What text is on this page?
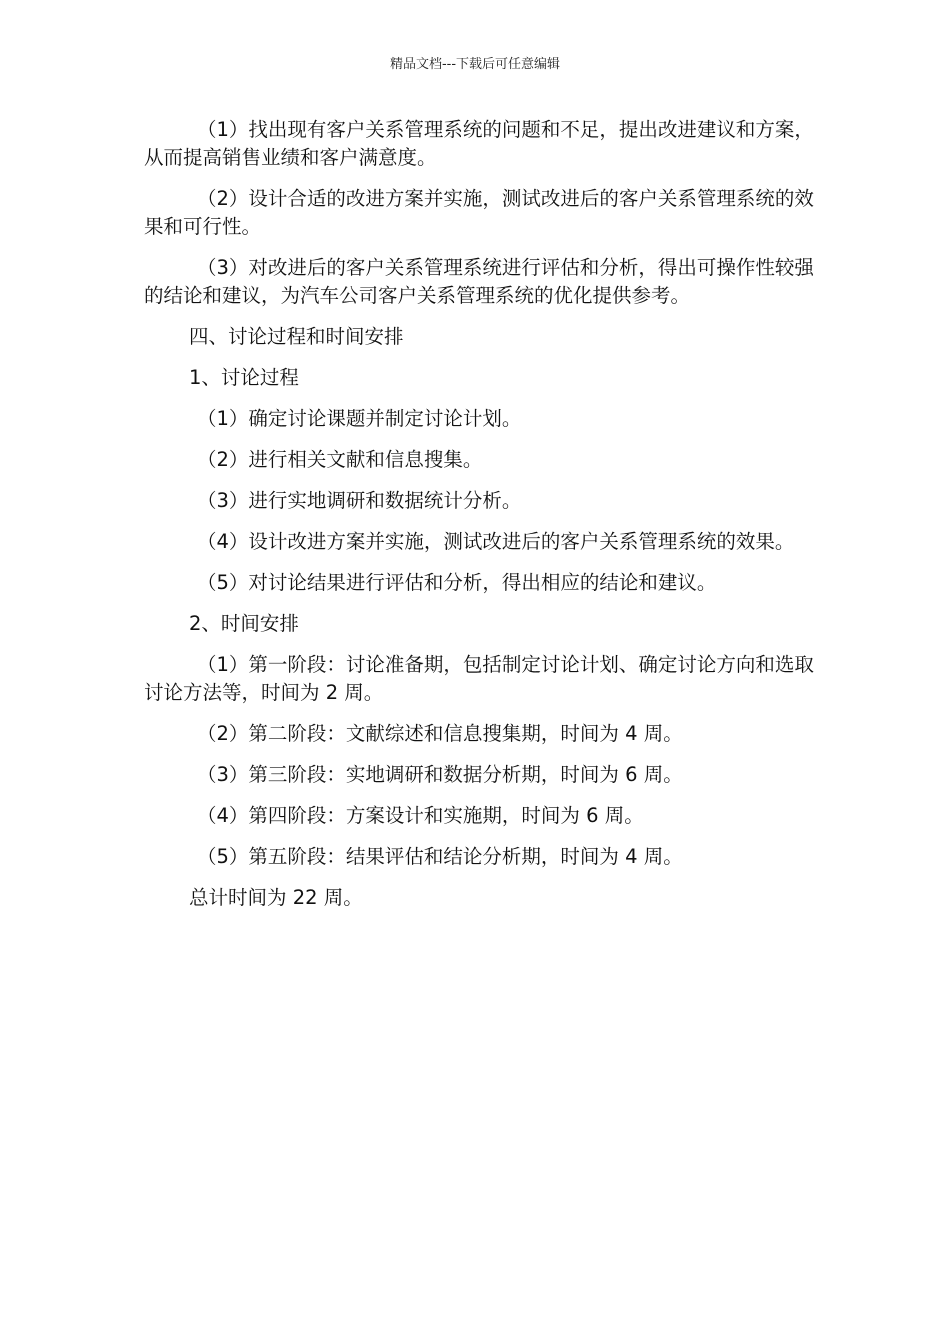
精品文档---下载后可任意编辑

（1）找出现有客户关系管理系统的问题和不足，提出改进建议和方案，从而提高销售业绩和客户满意度。

（2）设计合适的改进方案并实施，测试改进后的客户关系管理系统的效果和可行性。

（3）对改进后的客户关系管理系统进行评估和分析，得出可操作性较强的结论和建议，为汽车公司客户关系管理系统的优化提供参考。

四、讨论过程和时间安排

1、讨论过程

（1）确定讨论课题并制定讨论计划。

（2）进行相关文献和信息搜集。

（3）进行实地调研和数据统计分析。

（4）设计改进方案并实施，测试改进后的客户关系管理系统的效果。

（5）对讨论结果进行评估和分析，得出相应的结论和建议。

2、时间安排

（1）第一阶段：讨论准备期，包括制定讨论计划、确定讨论方向和选取讨论方法等，时间为 2 周。

（2）第二阶段：文献综述和信息搜集期，时间为 4 周。

（3）第三阶段：实地调研和数据分析期，时间为 6 周。

（4）第四阶段：方案设计和实施期，时间为 6 周。

（5）第五阶段：结果评估和结论分析期，时间为 4 周。

总计时间为 22 周。
